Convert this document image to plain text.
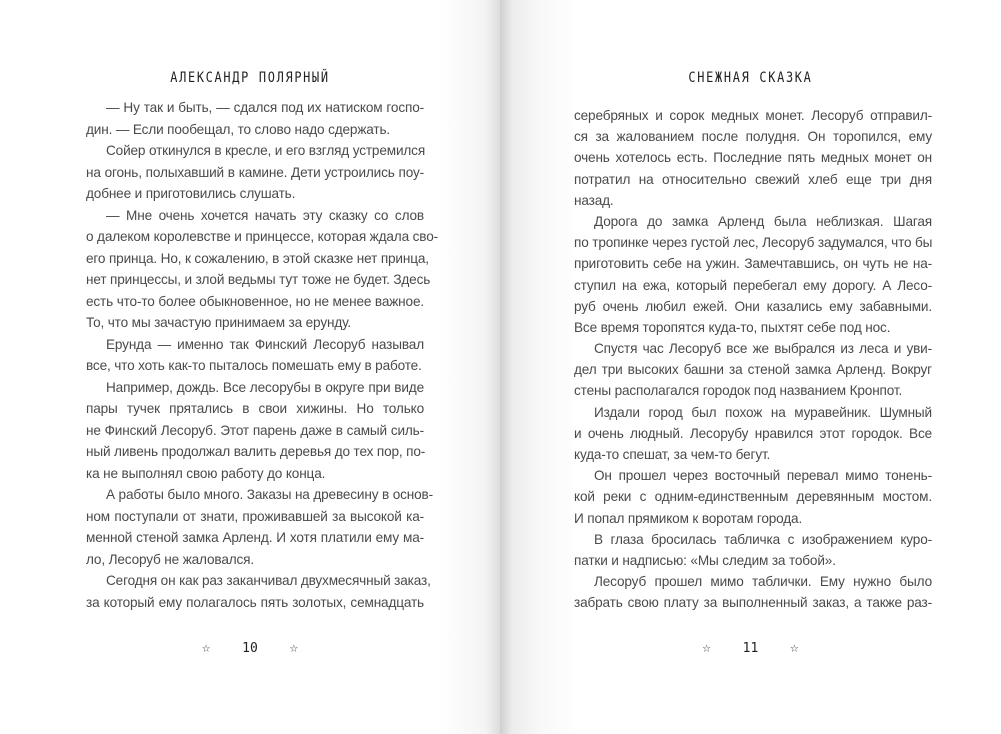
АЛЕКСАНДР ПОЛЯРНЫЙ
— Ну так и быть, — сдался под их натиском госпо-
дин. — Если пообещал, то слово надо сдержать.
Сойер откинулся в кресле, и его взгляд устремился
на огонь, полыхавший в камине. Дети устроились поу-
добнее и приготовились слушать.
— Мне очень хочется начать эту сказку со слов
о далеком королевстве и принцессе, которая ждала сво-
его принца. Но, к сожалению, в этой сказке нет принца,
нет принцессы, и злой ведьмы тут тоже не будет. Здесь
есть что-то более обыкновенное, но не менее важное.
То, что мы зачастую принимаем за ерунду.
Ерунда — именно так Финский Лесоруб называл
все, что хоть как-то пыталось помешать ему в работе.
Например, дождь. Все лесорубы в округе при виде
пары тучек прятались в свои хижины. Но только
не Финский Лесоруб. Этот парень даже в самый силь-
ный ливень продолжал валить деревья до тех пор, по-
ка не выполнял свою работу до конца.
А работы было много. Заказы на древесину в основ-
ном поступали от знати, проживавшей за высокой ка-
менной стеной замка Арленд. И хотя платили ему ма-
ло, Лесоруб не жаловался.
Сегодня он как раз заканчивал двухмесячный заказ,
за который ему полагалось пять золотых, семнадцать
☆ 10 ☆
СНЕЖНАЯ СКАЗКА
серебряных и сорок медных монет. Лесоруб отправил-
ся за жалованием после полудня. Он торопился, ему
очень хотелось есть. Последние пять медных монет он
потратил на относительно свежий хлеб еще три дня
назад.
Дорога до замка Арленд была неблизкая. Шагая
по тропинке через густой лес, Лесоруб задумался, что бы
приготовить себе на ужин. Замечтавшись, он чуть не на-
ступил на ежа, который перебегал ему дорогу. А Лесо-
руб очень любил ежей. Они казались ему забавными.
Все время торопятся куда-то, пыхтят себе под нос.
Спустя час Лесоруб все же выбрался из леса и уви-
дел три высоких башни за стеной замка Арленд. Вокруг
стены располагался городок под названием Кронпот.
Издали город был похож на муравейник. Шумный
и очень людный. Лесорубу нравился этот городок. Все
куда-то спешат, за чем-то бегут.
Он прошел через восточный перевал мимо тонень-
кой реки с одним-единственным деревянным мостом.
И попал прямиком к воротам города.
В глаза бросилась табличка с изображением куро-
патки и надписью: «Мы следим за тобой».
Лесоруб прошел мимо таблички. Ему нужно было
забрать свою плату за выполненный заказ, а также раз-
☆ 11 ☆
